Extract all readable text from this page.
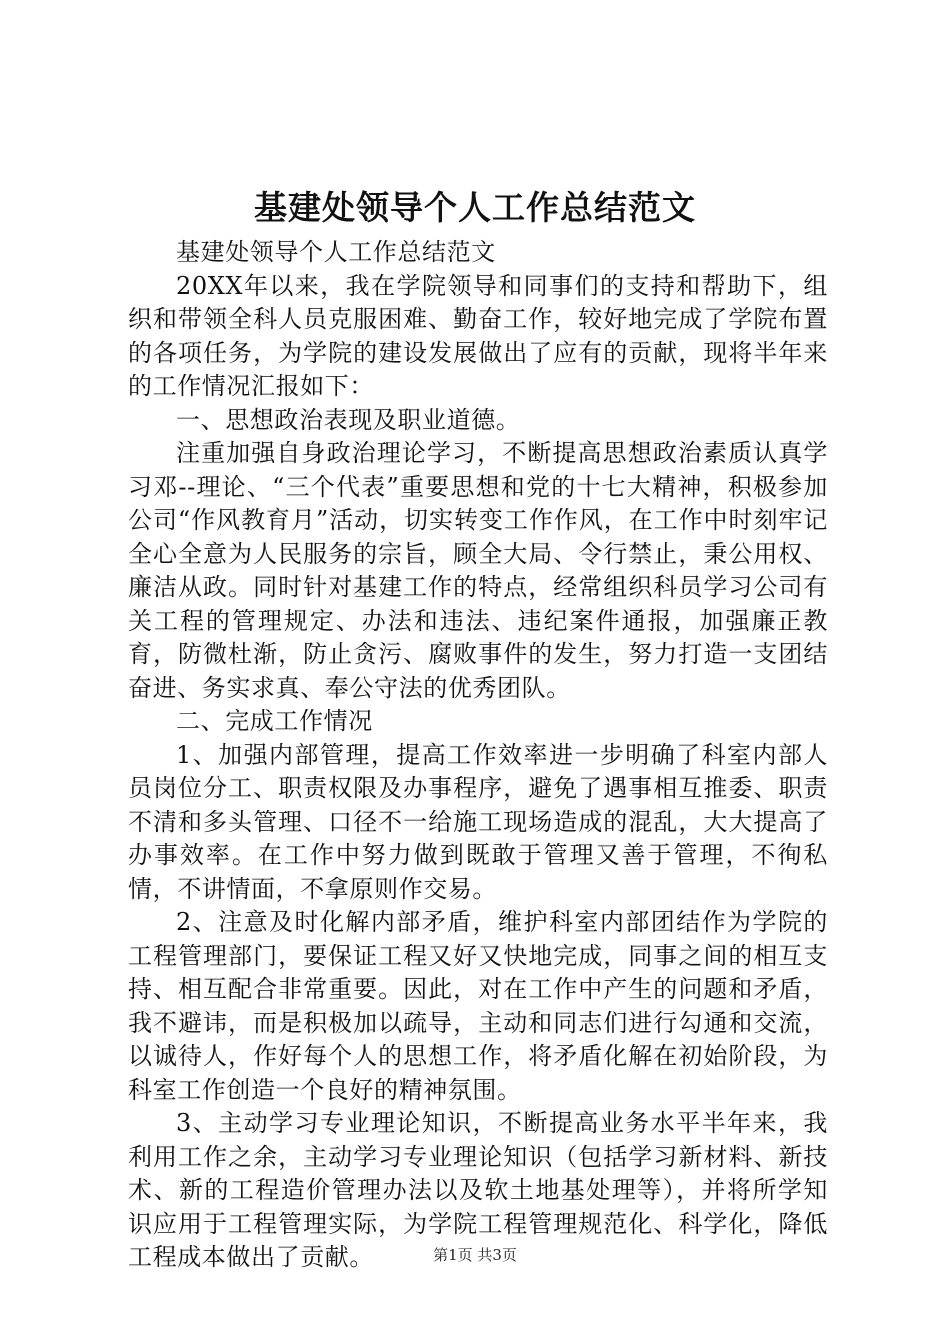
基建处领导个人工作总结范文

基建处领导个人工作总结范文

20XX年以来，我在学院领导和同事们的支持和帮助下，组织和带领全科人员克服困难、勤奋工作，较好地完成了学院布置的各项任务，为学院的建设发展做出了应有的贡献，现将半年来的工作情况汇报如下：

一、思想政治表现及职业道德。

注重加强自身政治理论学习，不断提高思想政治素质认真学习邓--理论、“三个代表”重要思想和党的十七大精神，积极参加公司“作风教育月”活动，切实转变工作作风，在工作中时刻牢记全心全意为人民服务的宗旨，顾全大局、令行禁止，秉公用权、廉洁从政。同时针对基建工作的特点，经常组织科员学习公司有关工程的管理规定、办法和违法、违纪案件通报，加强廉正教育，防微杜渐，防止贪污、腐败事件的发生，努力打造一支团结奋进、务实求真、奉公守法的优秀团队。

二、完成工作情况

1、加强内部管理，提高工作效率进一步明确了科室内部人员岗位分工、职责权限及办事程序，避免了遇事相互推委、职责不清和多头管理、口径不一给施工现场造成的混乱，大大提高了办事效率。在工作中努力做到既敢于管理又善于管理，不徇私情，不讲情面，不拿原则作交易。

2、注意及时化解内部矛盾，维护科室内部团结作为学院的工程管理部门，要保证工程又好又快地完成，同事之间的相互支持、相互配合非常重要。因此，对在工作中产生的问题和矛盾，我不避讳，而是积极加以疏导，主动和同志们进行勾通和交流，以诚待人，作好每个人的思想工作，将矛盾化解在初始阶段，为科室工作创造一个良好的精神氛围。

3、主动学习专业理论知识，不断提高业务水平半年来，我利用工作之余，主动学习专业理论知识（包括学习新材料、新技术、新的工程造价管理办法以及软土地基处理等），并将所学知识应用于工程管理实际，为学院工程管理规范化、科学化，降低工程成本做出了贡献。	第1页 共3页
